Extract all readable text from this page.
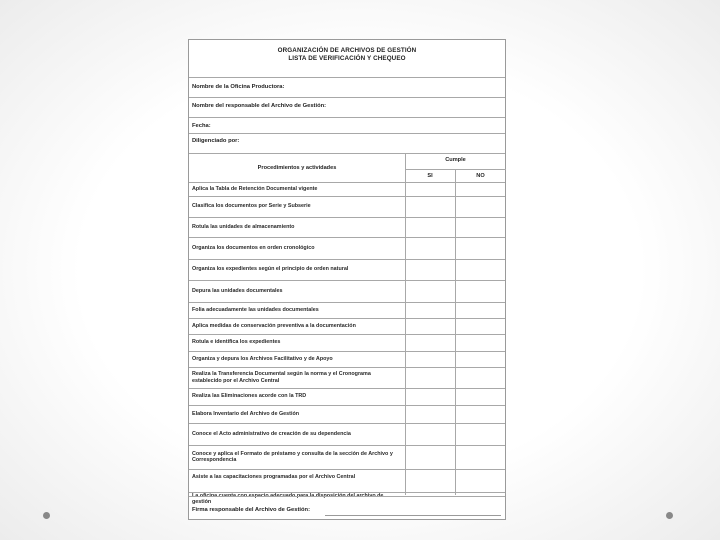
ORGANIZACIÓN DE ARCHIVOS DE GESTIÓN
LISTA DE VERIFICACIÓN Y CHEQUEO
Nombre de la Oficina Productora:
Nombre del responsable del Archivo de Gestión:
Fecha:
Diligenciado por:
Procedimientos y actividades
Cumple
SI	NO
Aplica la Tabla de Retención Documental vigente
Clasifica los documentos por Serie y Subserie
Rotula las unidades de almacenamiento
Organiza los documentos en orden cronológico
Organiza los expedientes según el principio de orden natural
Depura las unidades documentales
Folia adecuadamente las unidades documentales
Aplica medidas de conservación preventiva a la documentación
Rotula e identifica los expedientes
Organiza y depura los Archivos Facilitativo y de Apoyo
Realiza la Transferencia Documental según la norma y el Cronograma establecido por el Archivo Central
Realiza las Eliminaciones acorde con la TRD
Elabora Inventario del Archivo de Gestión
Conoce el Acto administrativo de creación de su dependencia
Conoce y aplica el Formato de préstamo y consulta de la sección de Archivo y Correspondencia
Asiste a las capacitaciones programadas por el Archivo Central
La oficina cuenta con espacio adecuado para la disposición del archivo de gestión
Firma responsable del Archivo de Gestión:
